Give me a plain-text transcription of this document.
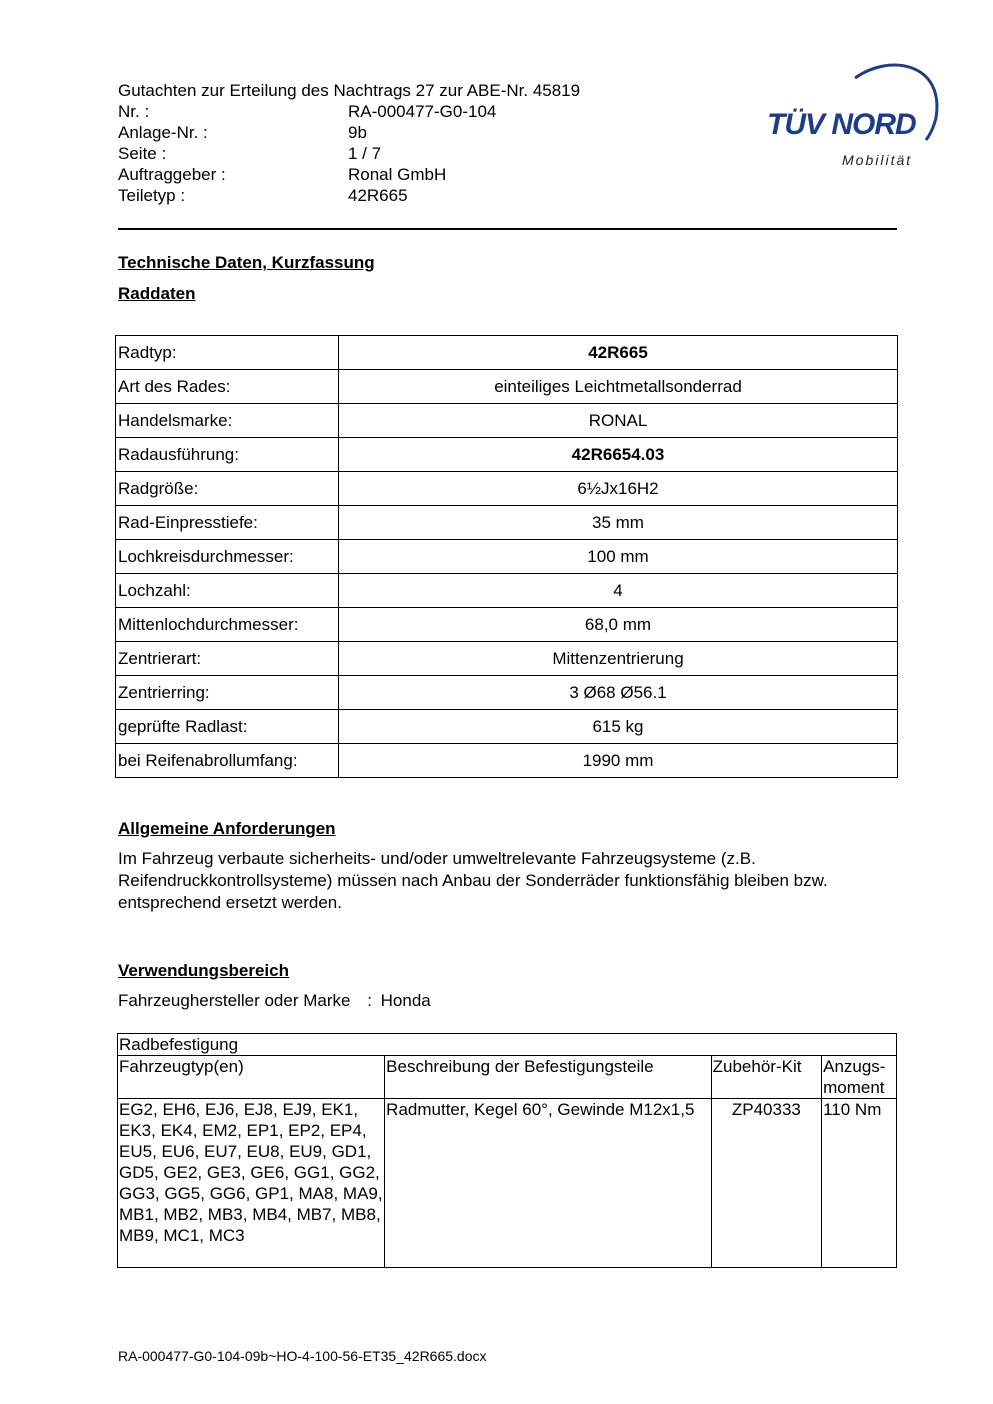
Gutachten zur Erteilung des Nachtrags 27 zur ABE-Nr. 45819
Nr. :	RA-000477-G0-104
Anlage-Nr. :	9b
Seite :	1 / 7
Auftraggeber :	Ronal GmbH
Teiletyp :	42R665
TÜV NORD
Mobilität
Technische Daten, Kurzfassung
Raddaten
Radtyp:	42R665
Art des Rades:	einteiliges Leichtmetallsonderrad
Handelsmarke:	RONAL
Radausführung:	42R6654.03
Radgröße:	6½Jx16H2
Rad-Einpresstiefe:	35 mm
Lochkreisdurchmesser:	100 mm
Lochzahl:	4
Mittenlochdurchmesser:	68,0 mm
Zentrierart:	Mittenzentrierung
Zentrierring:	3 Ø68 Ø56.1
geprüfte Radlast:	615 kg
bei Reifenabrollumfang:	1990 mm
Allgemeine Anforderungen
Im Fahrzeug verbaute sicherheits- und/oder umweltrelevante Fahrzeugsysteme (z.B. Reifendruckkontrollsysteme) müssen nach Anbau der Sonderräder funktionsfähig bleiben bzw. entsprechend ersetzt werden.
Verwendungsbereich
Fahrzeughersteller oder Marke : Honda
Radbefestigung			
Fahrzeugtyp(en)	Beschreibung der Befestigungsteile	Zubehör-Kit	Anzugs-moment
EG2, EH6, EJ6, EJ8, EJ9, EK1, EK3, EK4, EM2, EP1, EP2, EP4, EU5, EU6, EU7, EU8, EU9, GD1, GD5, GE2, GE3, GE6, GG1, GG2, GG3, GG5, GG6, GP1, MA8, MA9, MB1, MB2, MB3, MB4, MB7, MB8, MB9, MC1, MC3	Radmutter, Kegel 60°, Gewinde M12x1,5	ZP40333	110 Nm
RA-000477-G0-104-09b~HO-4-100-56-ET35_42R665.docx
